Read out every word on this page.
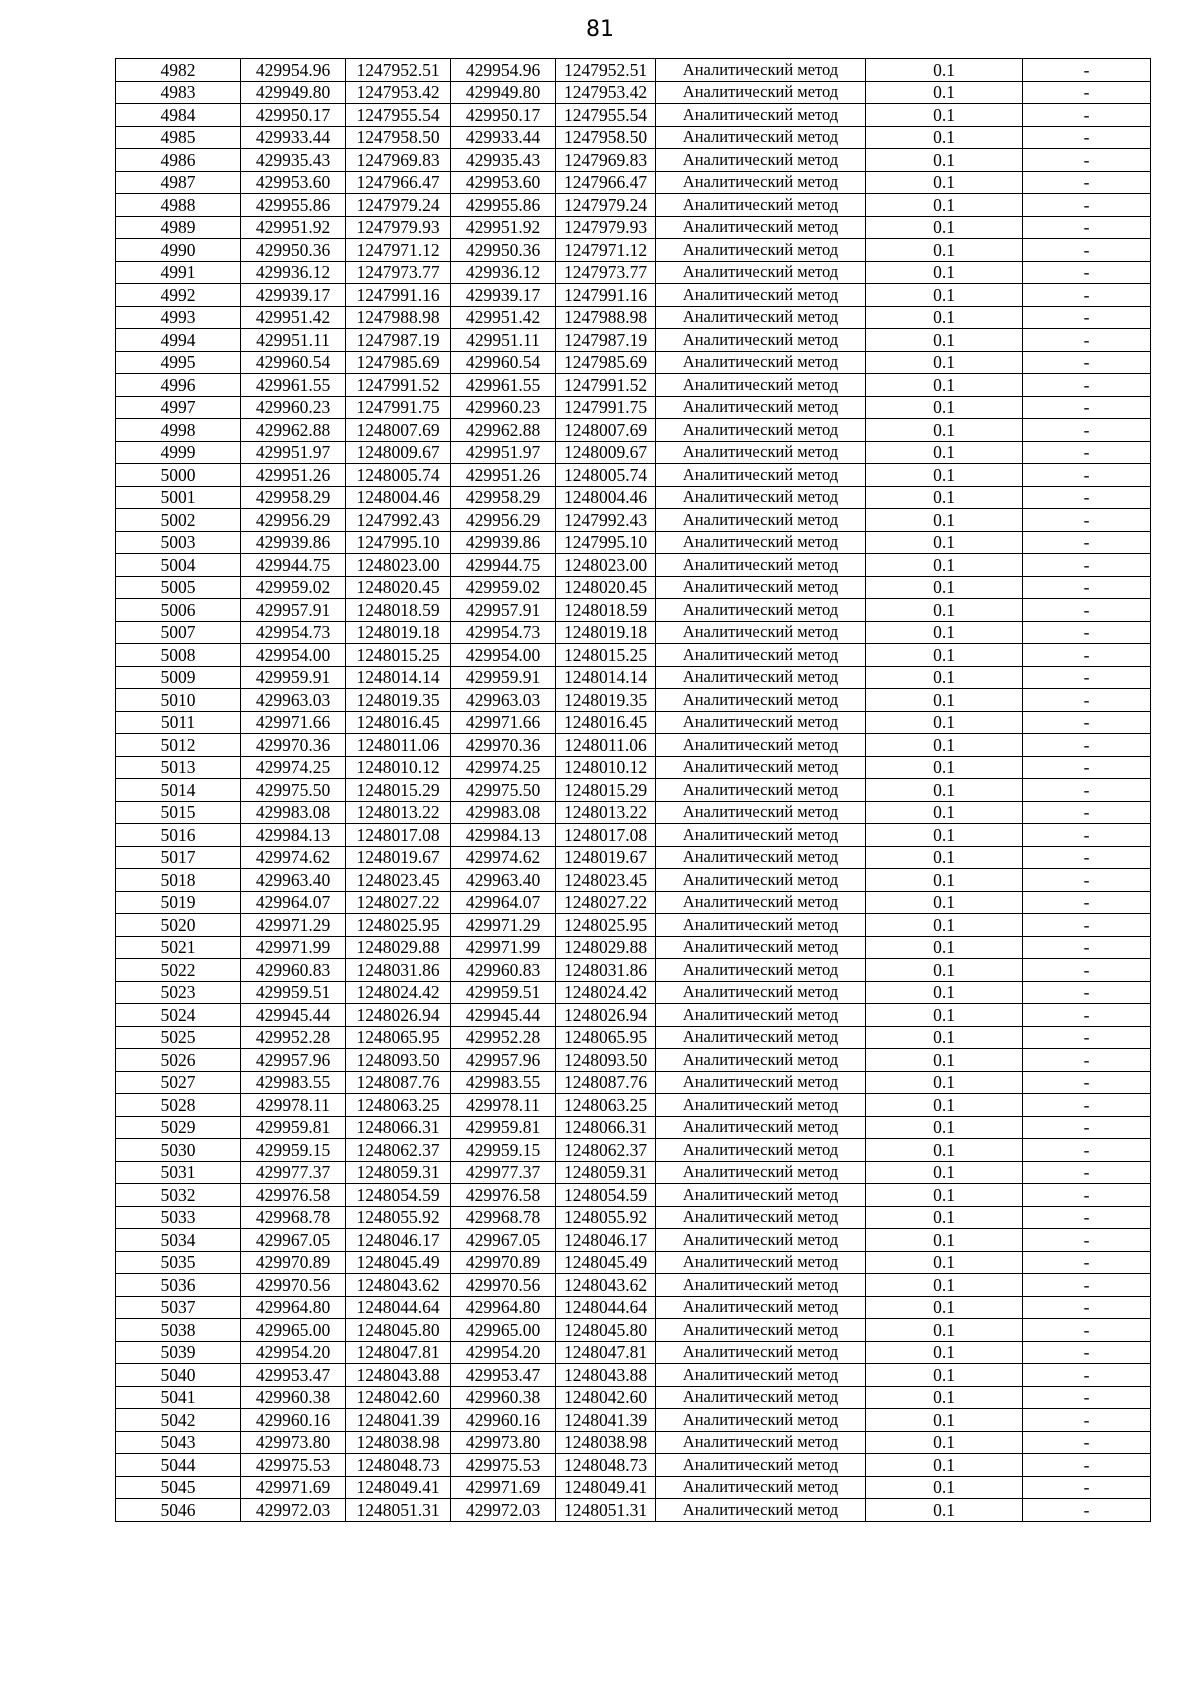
81
4982	429954.96	1247952.51	429954.96	1247952.51	Аналитический метод	0.1	-
4983	429949.80	1247953.42	429949.80	1247953.42	Аналитический метод	0.1	-
4984	429950.17	1247955.54	429950.17	1247955.54	Аналитический метод	0.1	-
4985	429933.44	1247958.50	429933.44	1247958.50	Аналитический метод	0.1	-
4986	429935.43	1247969.83	429935.43	1247969.83	Аналитический метод	0.1	-
4987	429953.60	1247966.47	429953.60	1247966.47	Аналитический метод	0.1	-
4988	429955.86	1247979.24	429955.86	1247979.24	Аналитический метод	0.1	-
4989	429951.92	1247979.93	429951.92	1247979.93	Аналитический метод	0.1	-
4990	429950.36	1247971.12	429950.36	1247971.12	Аналитический метод	0.1	-
4991	429936.12	1247973.77	429936.12	1247973.77	Аналитический метод	0.1	-
4992	429939.17	1247991.16	429939.17	1247991.16	Аналитический метод	0.1	-
4993	429951.42	1247988.98	429951.42	1247988.98	Аналитический метод	0.1	-
4994	429951.11	1247987.19	429951.11	1247987.19	Аналитический метод	0.1	-
4995	429960.54	1247985.69	429960.54	1247985.69	Аналитический метод	0.1	-
4996	429961.55	1247991.52	429961.55	1247991.52	Аналитический метод	0.1	-
4997	429960.23	1247991.75	429960.23	1247991.75	Аналитический метод	0.1	-
4998	429962.88	1248007.69	429962.88	1248007.69	Аналитический метод	0.1	-
4999	429951.97	1248009.67	429951.97	1248009.67	Аналитический метод	0.1	-
5000	429951.26	1248005.74	429951.26	1248005.74	Аналитический метод	0.1	-
5001	429958.29	1248004.46	429958.29	1248004.46	Аналитический метод	0.1	-
5002	429956.29	1247992.43	429956.29	1247992.43	Аналитический метод	0.1	-
5003	429939.86	1247995.10	429939.86	1247995.10	Аналитический метод	0.1	-
5004	429944.75	1248023.00	429944.75	1248023.00	Аналитический метод	0.1	-
5005	429959.02	1248020.45	429959.02	1248020.45	Аналитический метод	0.1	-
5006	429957.91	1248018.59	429957.91	1248018.59	Аналитический метод	0.1	-
5007	429954.73	1248019.18	429954.73	1248019.18	Аналитический метод	0.1	-
5008	429954.00	1248015.25	429954.00	1248015.25	Аналитический метод	0.1	-
5009	429959.91	1248014.14	429959.91	1248014.14	Аналитический метод	0.1	-
5010	429963.03	1248019.35	429963.03	1248019.35	Аналитический метод	0.1	-
5011	429971.66	1248016.45	429971.66	1248016.45	Аналитический метод	0.1	-
5012	429970.36	1248011.06	429970.36	1248011.06	Аналитический метод	0.1	-
5013	429974.25	1248010.12	429974.25	1248010.12	Аналитический метод	0.1	-
5014	429975.50	1248015.29	429975.50	1248015.29	Аналитический метод	0.1	-
5015	429983.08	1248013.22	429983.08	1248013.22	Аналитический метод	0.1	-
5016	429984.13	1248017.08	429984.13	1248017.08	Аналитический метод	0.1	-
5017	429974.62	1248019.67	429974.62	1248019.67	Аналитический метод	0.1	-
5018	429963.40	1248023.45	429963.40	1248023.45	Аналитический метод	0.1	-
5019	429964.07	1248027.22	429964.07	1248027.22	Аналитический метод	0.1	-
5020	429971.29	1248025.95	429971.29	1248025.95	Аналитический метод	0.1	-
5021	429971.99	1248029.88	429971.99	1248029.88	Аналитический метод	0.1	-
5022	429960.83	1248031.86	429960.83	1248031.86	Аналитический метод	0.1	-
5023	429959.51	1248024.42	429959.51	1248024.42	Аналитический метод	0.1	-
5024	429945.44	1248026.94	429945.44	1248026.94	Аналитический метод	0.1	-
5025	429952.28	1248065.95	429952.28	1248065.95	Аналитический метод	0.1	-
5026	429957.96	1248093.50	429957.96	1248093.50	Аналитический метод	0.1	-
5027	429983.55	1248087.76	429983.55	1248087.76	Аналитический метод	0.1	-
5028	429978.11	1248063.25	429978.11	1248063.25	Аналитический метод	0.1	-
5029	429959.81	1248066.31	429959.81	1248066.31	Аналитический метод	0.1	-
5030	429959.15	1248062.37	429959.15	1248062.37	Аналитический метод	0.1	-
5031	429977.37	1248059.31	429977.37	1248059.31	Аналитический метод	0.1	-
5032	429976.58	1248054.59	429976.58	1248054.59	Аналитический метод	0.1	-
5033	429968.78	1248055.92	429968.78	1248055.92	Аналитический метод	0.1	-
5034	429967.05	1248046.17	429967.05	1248046.17	Аналитический метод	0.1	-
5035	429970.89	1248045.49	429970.89	1248045.49	Аналитический метод	0.1	-
5036	429970.56	1248043.62	429970.56	1248043.62	Аналитический метод	0.1	-
5037	429964.80	1248044.64	429964.80	1248044.64	Аналитический метод	0.1	-
5038	429965.00	1248045.80	429965.00	1248045.80	Аналитический метод	0.1	-
5039	429954.20	1248047.81	429954.20	1248047.81	Аналитический метод	0.1	-
5040	429953.47	1248043.88	429953.47	1248043.88	Аналитический метод	0.1	-
5041	429960.38	1248042.60	429960.38	1248042.60	Аналитический метод	0.1	-
5042	429960.16	1248041.39	429960.16	1248041.39	Аналитический метод	0.1	-
5043	429973.80	1248038.98	429973.80	1248038.98	Аналитический метод	0.1	-
5044	429975.53	1248048.73	429975.53	1248048.73	Аналитический метод	0.1	-
5045	429971.69	1248049.41	429971.69	1248049.41	Аналитический метод	0.1	-
5046	429972.03	1248051.31	429972.03	1248051.31	Аналитический метод	0.1	-
